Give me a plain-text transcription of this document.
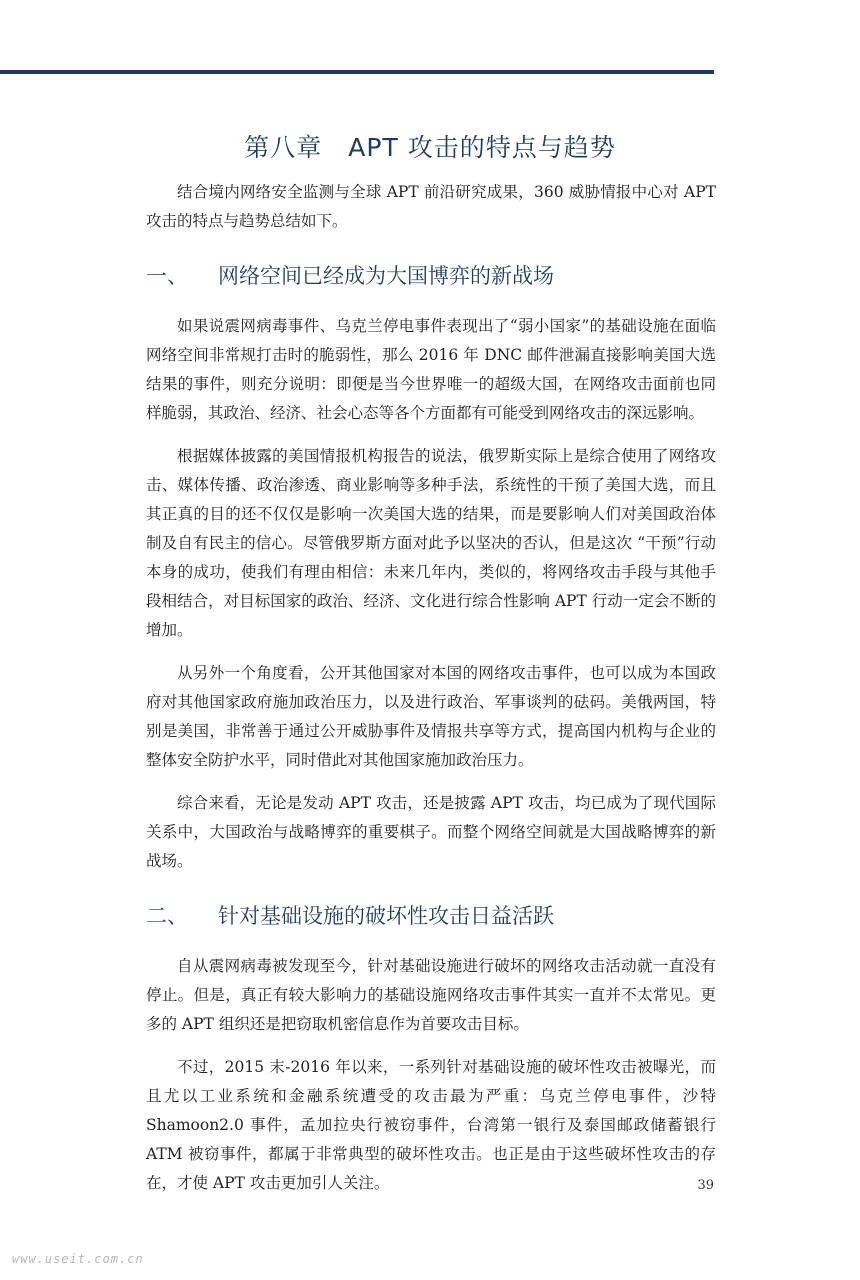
第八章　APT 攻击的特点与趋势

结合境内网络安全监测与全球 APT 前沿研究成果，360 威胁情报中心对 APT 攻击的特点与趋势总结如下。

一、	网络空间已经成为大国博弈的新战场

如果说震网病毒事件、乌克兰停电事件表现出了“弱小国家”的基础设施在面临网络空间非常规打击时的脆弱性，那么 2016 年 DNC 邮件泄漏直接影响美国大选结果的事件，则充分说明：即便是当今世界唯一的超级大国，在网络攻击面前也同样脆弱，其政治、经济、社会心态等各个方面都有可能受到网络攻击的深远影响。

根据媒体披露的美国情报机构报告的说法，俄罗斯实际上是综合使用了网络攻击、媒体传播、政治渗透、商业影响等多种手法，系统性的干预了美国大选，而且其正真的目的还不仅仅是影响一次美国大选的结果，而是要影响人们对美国政治体制及自有民主的信心。尽管俄罗斯方面对此予以坚决的否认，但是这次 “干预”行动本身的成功，使我们有理由相信：未来几年内，类似的，将网络攻击手段与其他手段相结合，对目标国家的政治、经济、文化进行综合性影响 APT 行动一定会不断的增加。

从另外一个角度看，公开其他国家对本国的网络攻击事件，也可以成为本国政府对其他国家政府施加政治压力，以及进行政治、军事谈判的砝码。美俄两国，特别是美国，非常善于通过公开威胁事件及情报共享等方式，提高国内机构与企业的整体安全防护水平，同时借此对其他国家施加政治压力。

综合来看，无论是发动 APT 攻击，还是披露 APT 攻击，均已成为了现代国际关系中，大国政治与战略博弈的重要棋子。而整个网络空间就是大国战略博弈的新战场。

二、	针对基础设施的破坏性攻击日益活跃

自从震网病毒被发现至今，针对基础设施进行破坏的网络攻击活动就一直没有停止。但是，真正有较大影响力的基础设施网络攻击事件其实一直并不太常见。更多的 APT 组织还是把窃取机密信息作为首要攻击目标。

不过，2015 末-2016 年以来，一系列针对基础设施的破坏性攻击被曝光，而且尤以工业系统和金融系统遭受的攻击最为严重：乌克兰停电事件，沙特 Shamoon2.0 事件，孟加拉央行被窃事件，台湾第一银行及泰国邮政储蓄银行 ATM 被窃事件，都属于非常典型的破坏性攻击。也正是由于这些破坏性攻击的存在，才使 APT 攻击更加引人关注。	39
www.useit.com.cn
